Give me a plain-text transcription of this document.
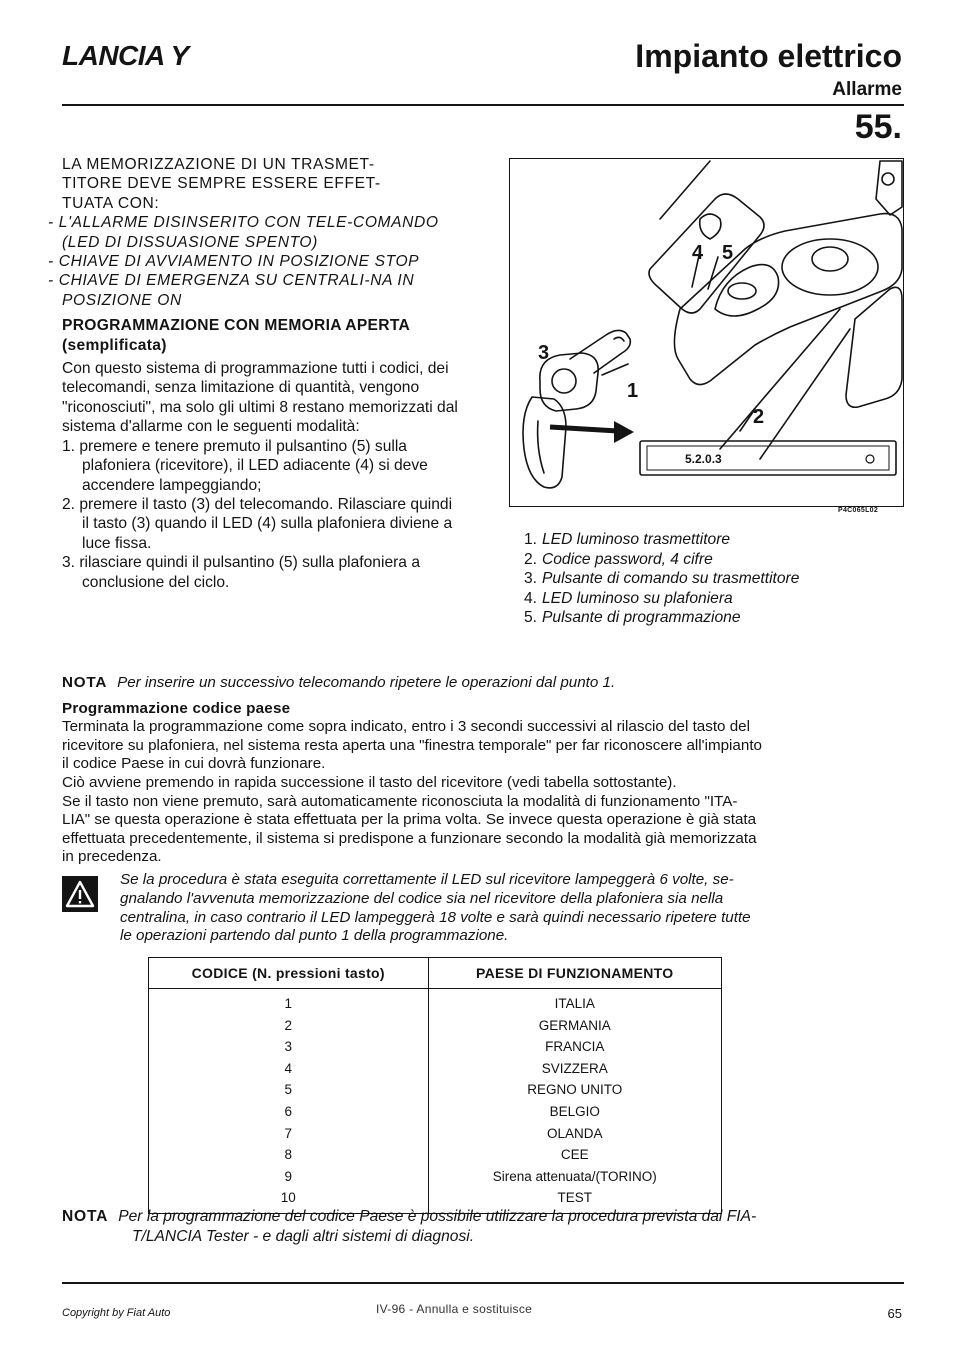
LANCIA Y	Impianto elettrico
Allarme
55.

LA MEMORIZZAZIONE DI UN TRASMET-

TITORE DEVE SEMPRE ESSERE EFFET-

TUATA CON:

- L'ALLARME DISINSERITO CON TELE-COMANDO (LED DI DISSUASIONE SPENTO)

- CHIAVE DI AVVIAMENTO IN POSIZIONE STOP

- CHIAVE DI EMERGENZA SU CENTRALI-NA IN POSIZIONE ON

PROGRAMMAZIONE CON MEMORIA APERTA (semplificata)

Con questo sistema di programmazione tutti i codici, dei telecomandi, senza limitazione di quantità, vengono "riconosciuti", ma solo gli ultimi 8 restano memorizzati dal sistema d'allarme con le seguenti modalità:

1. premere e tenere premuto il pulsantino (5) sulla plafoniera (ricevitore), il LED adiacente (4) si deve accendere lampeggiando;

2. premere il tasto (3) del telecomando. Rilasciare quindi il tasto (3) quando il LED (4) sulla plafoniera diviene a luce fissa.

3. rilasciare quindi il pulsantino (5) sulla plafoniera a conclusione del ciclo.

5.2.0.3
3
4 5
1
2
P4C065L02
1. LED luminoso trasmettitore
2. Codice password, 4 cifre
3. Pulsante di comando su trasmettitore
4. LED luminoso su plafoniera
5. Pulsante di programmazione

NOTA Per inserire un successivo telecomando ripetere le operazioni dal punto 1.

Programmazione codice paese

Terminata la programmazione come sopra indicato, entro i 3 secondi successivi al rilascio del tasto del

ricevitore su plafoniera, nel sistema resta aperta una "finestra temporale" per far riconoscere all'impianto

il codice Paese in cui dovrà funzionare.

Ciò avviene premendo in rapida successione il tasto del ricevitore (vedi tabella sottostante).

Se il tasto non viene premuto, sarà automaticamente riconosciuta la modalità di funzionamento "ITA-

LIA" se questa operazione è stata effettuata per la prima volta. Se invece questa operazione è già stata

effettuata precedentemente, il sistema si predispone a funzionare secondo la modalità già memorizzata

in precedenza.

Se la procedura è stata eseguita correttamente il LED sul ricevitore lampeggerà 6 volte, se-
gnalando l'avvenuta memorizzazione del codice sia nel ricevitore della plafoniera sia nella
centralina, in caso contrario il LED lampeggerà 18 volte e sarà quindi necessario ripetere tutte
le operazioni partendo dal punto 1 della programmazione.
CODICE (N. pressioni tasto)	PAESE DI FUNZIONAMENTO
1	ITALIA
2	GERMANIA
3	FRANCIA
4	SVIZZERA
5	REGNO UNITO
6	BELGIO
7	OLANDA
8	CEE
9	Sirena attenuata/(TORINO)
10	TEST
NOTA Per la programmazione del codice Paese è possibile utilizzare la procedura prevista dal FIA-
T/LANCIA Tester - e dagli altri sistemi di diagnosi.
Copyright by Fiat Auto	IV-96 - Annulla e sostituisce	65
